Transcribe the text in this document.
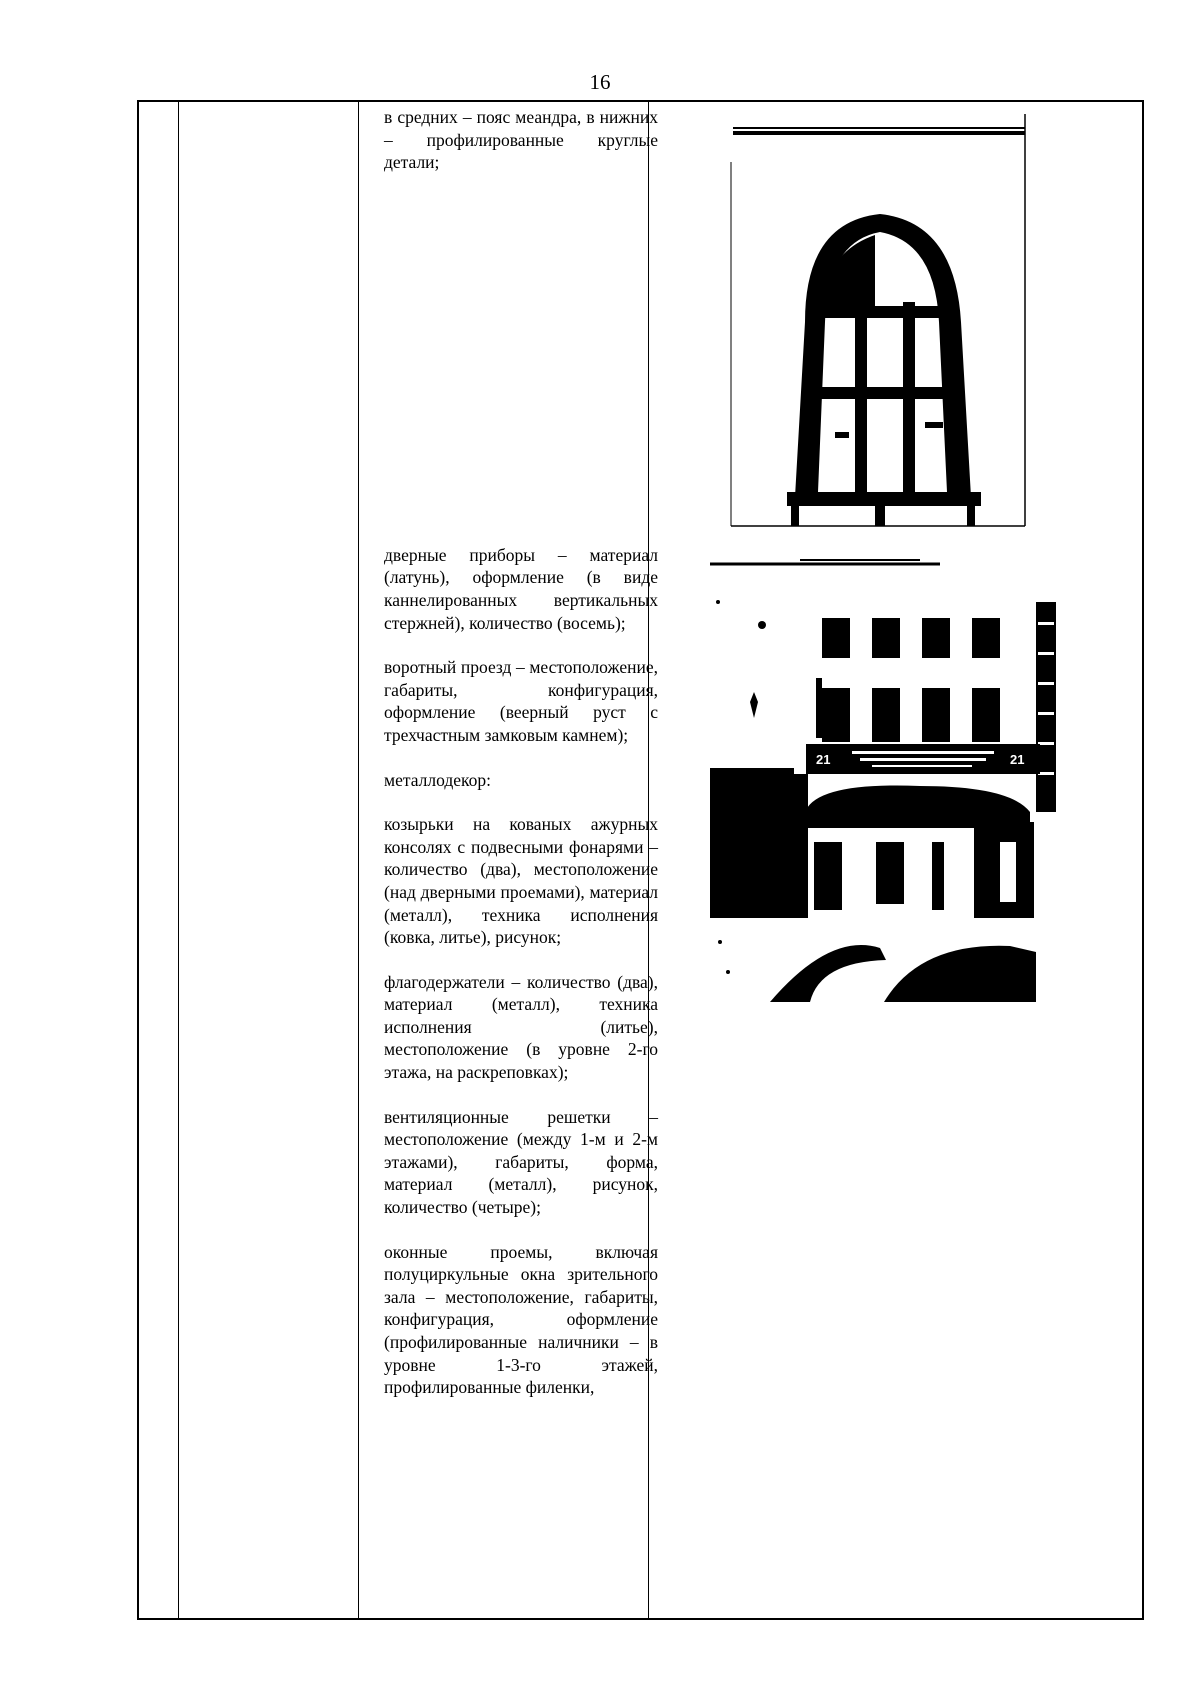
16

в средних – пояс меандра, в нижних – профилированные круглые детали;

дверные приборы – материал (латунь), оформление (в виде каннелированных вертикальных стержней), количество (восемь);

воротный проезд – местоположение, габариты, конфигурация, оформление (веерный руст с трехчастным замковым камнем);

металлодекор:

козырьки на кованых ажурных консолях с подвесными фонарями – количество (два), местоположение (над дверными проемами), материал (металл), техника исполнения (ковка, литье), рисунок;

флагодержатели – количество (два), материал (металл), техника исполнения (литье), местоположение (в уровне 2-го этажа, на раскреповках);

вентиляционные решетки – местоположение (между 1-м и 2-м этажами), габариты, форма, материал (металл), рисунок, количество (четыре);

оконные проемы, включая полуциркульные окна зрительного зала – местоположение, габариты, конфигурация, оформление (профилированные наличники – в уровне 1-3-го этажей, профилированные филенки,

21	21
